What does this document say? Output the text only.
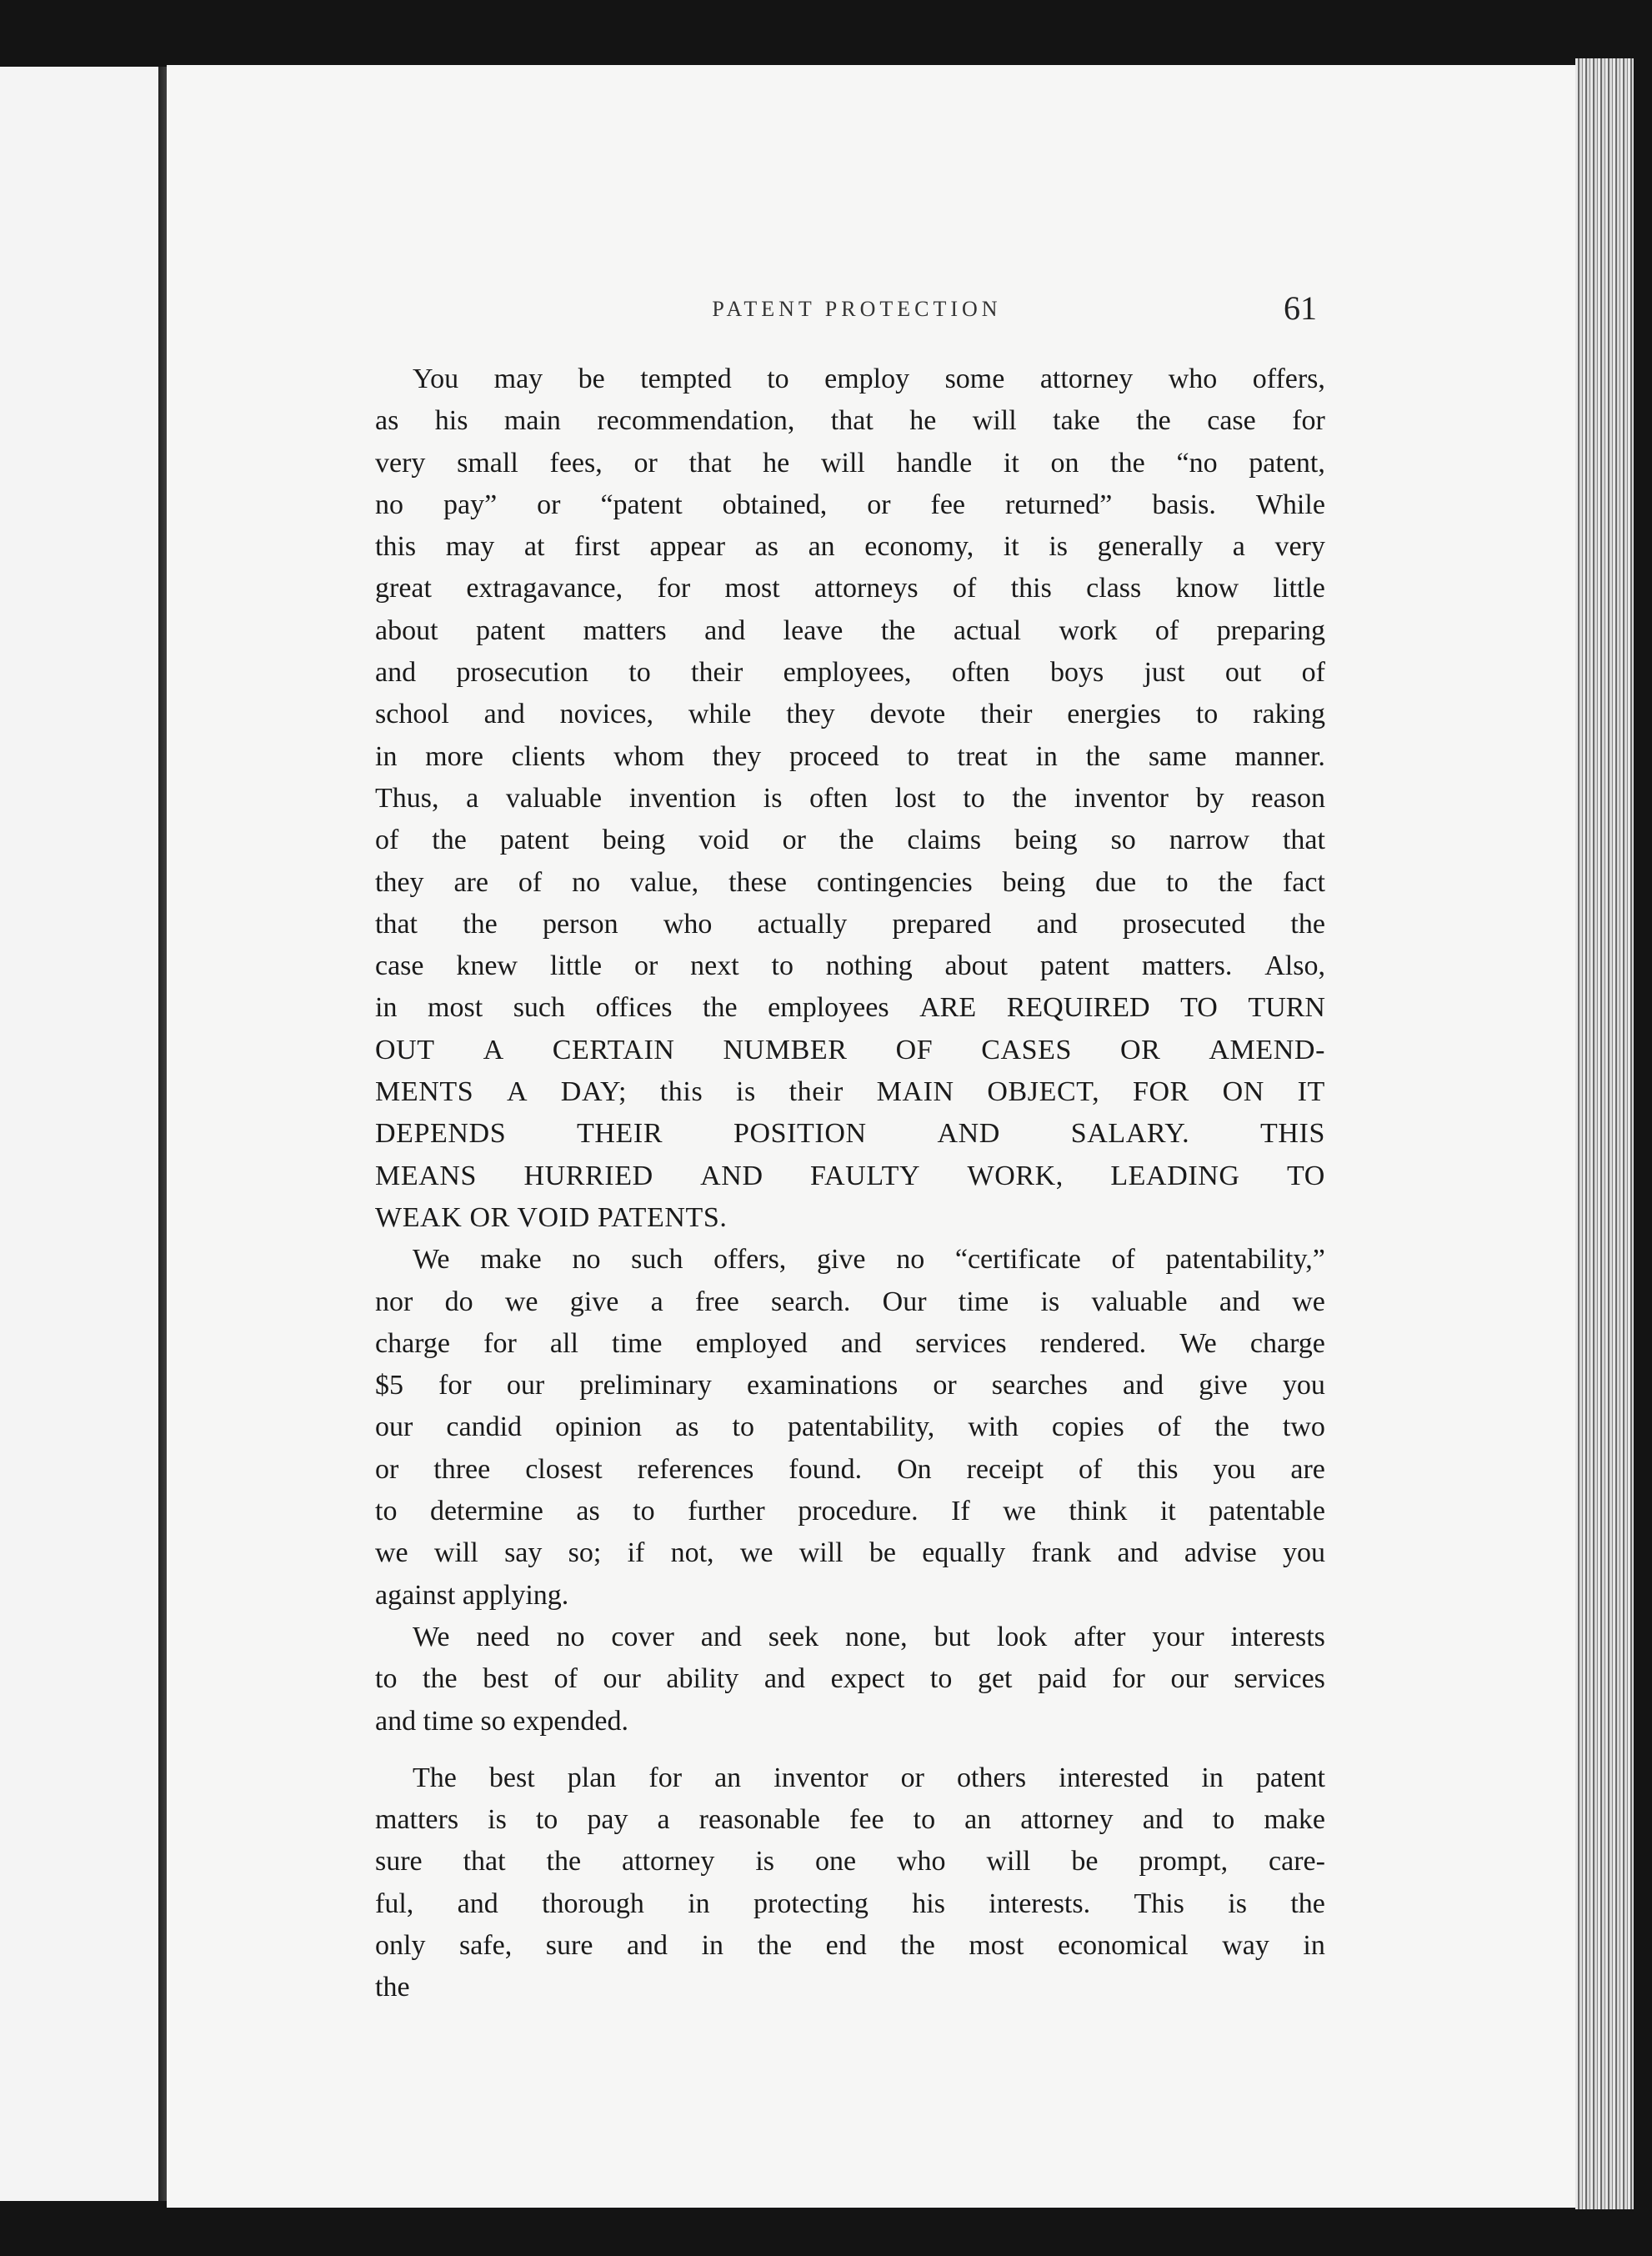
PATENT PROTECTION	61
You may be tempted to employ some attorney who offers,
as his main recommendation, that he will take the case for
very small fees, or that he will handle it on the “no patent,
no pay” or “patent obtained, or fee returned” basis. While
this may at first appear as an economy, it is generally a very
great extragavance, for most attorneys of this class know little
about patent matters and leave the actual work of preparing
and prosecution to their employees, often boys just out of
school and novices, while they devote their energies to raking
in more clients whom they proceed to treat in the same manner.
Thus, a valuable invention is often lost to the inventor by reason
of the patent being void or the claims being so narrow that
they are of no value, these contingencies being due to the fact
that the person who actually prepared and prosecuted the
case knew little or next to nothing about patent matters. Also,
in most such offices the employees ARE REQUIRED TO TURN
OUT A CERTAIN NUMBER OF CASES OR AMEND-
MENTS A DAY; this is their MAIN OBJECT, FOR ON IT
DEPENDS THEIR POSITION AND SALARY. THIS
MEANS HURRIED AND FAULTY WORK, LEADING TO
WEAK OR VOID PATENTS.
We make no such offers, give no “certificate of patentability,”
nor do we give a free search. Our time is valuable and we
charge for all time employed and services rendered. We charge
$5 for our preliminary examinations or searches and give you
our candid opinion as to patentability, with copies of the two
or three closest references found. On receipt of this you are
to determine as to further procedure. If we think it patentable
we will say so; if not, we will be equally frank and advise you
against applying.
We need no cover and seek none, but look after your interests
to the best of our ability and expect to get paid for our services
and time so expended.
The best plan for an inventor or others interested in patent
matters is to pay a reasonable fee to an attorney and to make
sure that the attorney is one who will be prompt, care-
ful, and thorough in protecting his interests. This is the
only safe, sure and in the end the most economical way in
the
